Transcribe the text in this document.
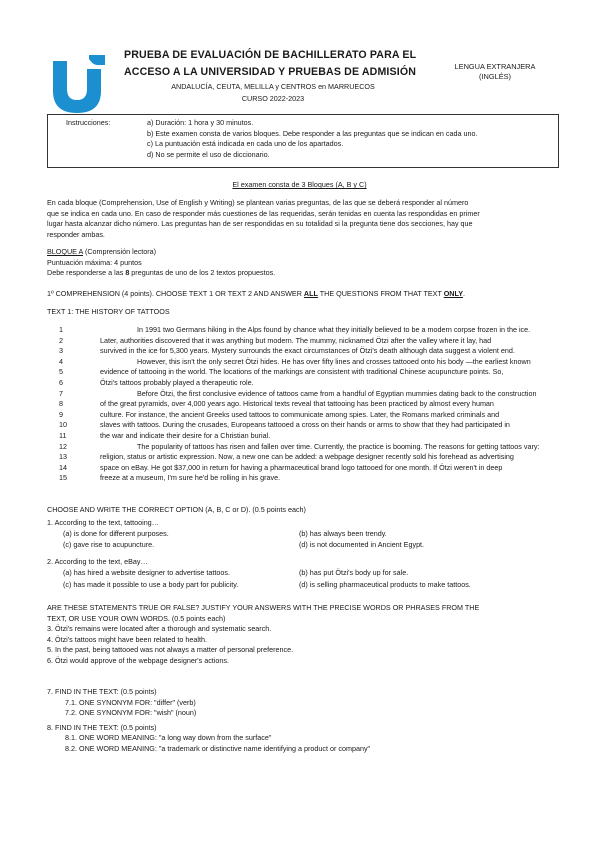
PRUEBA DE EVALUACIÓN DE BACHILLERATO PARA EL
ACCESO A LA UNIVERSIDAD Y PRUEBAS DE ADMISIÓN
ANDALUCÍA, CEUTA, MELILLA y CENTROS en MARRUECOS
CURSO 2022-2023
LENGUA EXTRANJERA
(INGLÉS)
Instrucciones:	a) Duración: 1 hora y 30 minutos.
b) Este examen consta de varios bloques. Debe responder a las preguntas que se indican en cada uno.
c) La puntuación está indicada en cada uno de los apartados.
d) No se permite el uso de diccionario.
El examen consta de 3 Bloques (A, B y C)
En cada bloque (Comprehension, Use of English y Writing) se plantean varias preguntas, de las que se deberá responder al número
que se indica en cada uno. En caso de responder más cuestiones de las requeridas, serán tenidas en cuenta las respondidas en primer
lugar hasta alcanzar dicho número. Las preguntas han de ser respondidas en su totalidad si la pregunta tiene dos secciones, hay que
responder ambas.
BLOQUE A (Comprensión lectora)
Puntuación máxima: 4 puntos
Debe responderse a las 8 preguntas de uno de los 2 textos propuestos.
1º COMPREHENSION (4 points). CHOOSE TEXT 1 OR TEXT 2 AND ANSWER ALL THE QUESTIONS FROM THAT TEXT ONLY.
TEXT 1: THE HISTORY OF TATTOOS
1	In 1991 two Germans hiking in the Alps found by chance what they initially believed to be a modern corpse frozen in the ice.
2	Later, authorities discovered that it was anything but modern. The mummy, nicknamed Ötzi after the valley where it lay, had
3	survived in the ice for 5,300 years. Mystery surrounds the exact circumstances of Ötzi's death although data suggest a violent end.
4	However, this isn't the only secret Ötzi hides. He has over fifty lines and crosses tattooed onto his body —the earliest known
5	evidence of tattooing in the world. The locations of the markings are consistent with traditional Chinese acupuncture points. So,
6	Ötzi's tattoos probably played a therapeutic role.
7	Before Ötzi, the first conclusive evidence of tattoos came from a handful of Egyptian mummies dating back to the construction
8	of the great pyramids, over 4,000 years ago. Historical texts reveal that tattooing has been practiced by almost every human
9	culture. For instance, the ancient Greeks used tattoos to communicate among spies. Later, the Romans marked criminals and
10	slaves with tattoos. During the crusades, Europeans tattooed a cross on their hands or arms to show that they had participated in
11	the war and indicate their desire for a Christian burial.
12	The popularity of tattoos has risen and fallen over time. Currently, the practice is booming. The reasons for getting tattoos vary:
13	religion, status or artistic expression. Now, a new one can be added: a webpage designer recently sold his forehead as advertising
14	space on eBay. He got $37,000 in return for having a pharmaceutical brand logo tattooed for one month. If Ötzi weren't in deep
15	freeze at a museum, I'm sure he'd be rolling in his grave.
CHOOSE AND WRITE THE CORRECT OPTION (A, B, C or D). (0.5 points each)
1. According to the text, tattooing…
(a) is done for different purposes.	(b) has always been trendy.
(c) gave rise to acupuncture.	(d) is not documented in Ancient Egypt.
2. According to the text, eBay…
(a) has hired a website designer to advertise tattoos.	(b) has put Ötzi's body up for sale.
(c) has made it possible to use a body part for publicity.	(d) is selling pharmaceutical products to make tattoos.
ARE THESE STATEMENTS TRUE OR FALSE? JUSTIFY YOUR ANSWERS WITH THE PRECISE WORDS OR PHRASES FROM THE
TEXT, OR USE YOUR OWN WORDS. (0.5 points each)
3. Ötzi's remains were located after a thorough and systematic search.
4. Ötzi's tattoos might have been related to health.
5. In the past, being tattooed was not always a matter of personal preference.
6. Ötzi would approve of the webpage designer's actions.
7. FIND IN THE TEXT: (0.5 points)
7.1. ONE SYNONYM FOR: "differ" (verb)
7.2. ONE SYNONYM FOR: "wish" (noun)
8. FIND IN THE TEXT: (0.5 points)
8.1. ONE WORD MEANING: "a long way down from the surface"
8.2. ONE WORD MEANING: "a trademark or distinctive name identifying a product or company"
